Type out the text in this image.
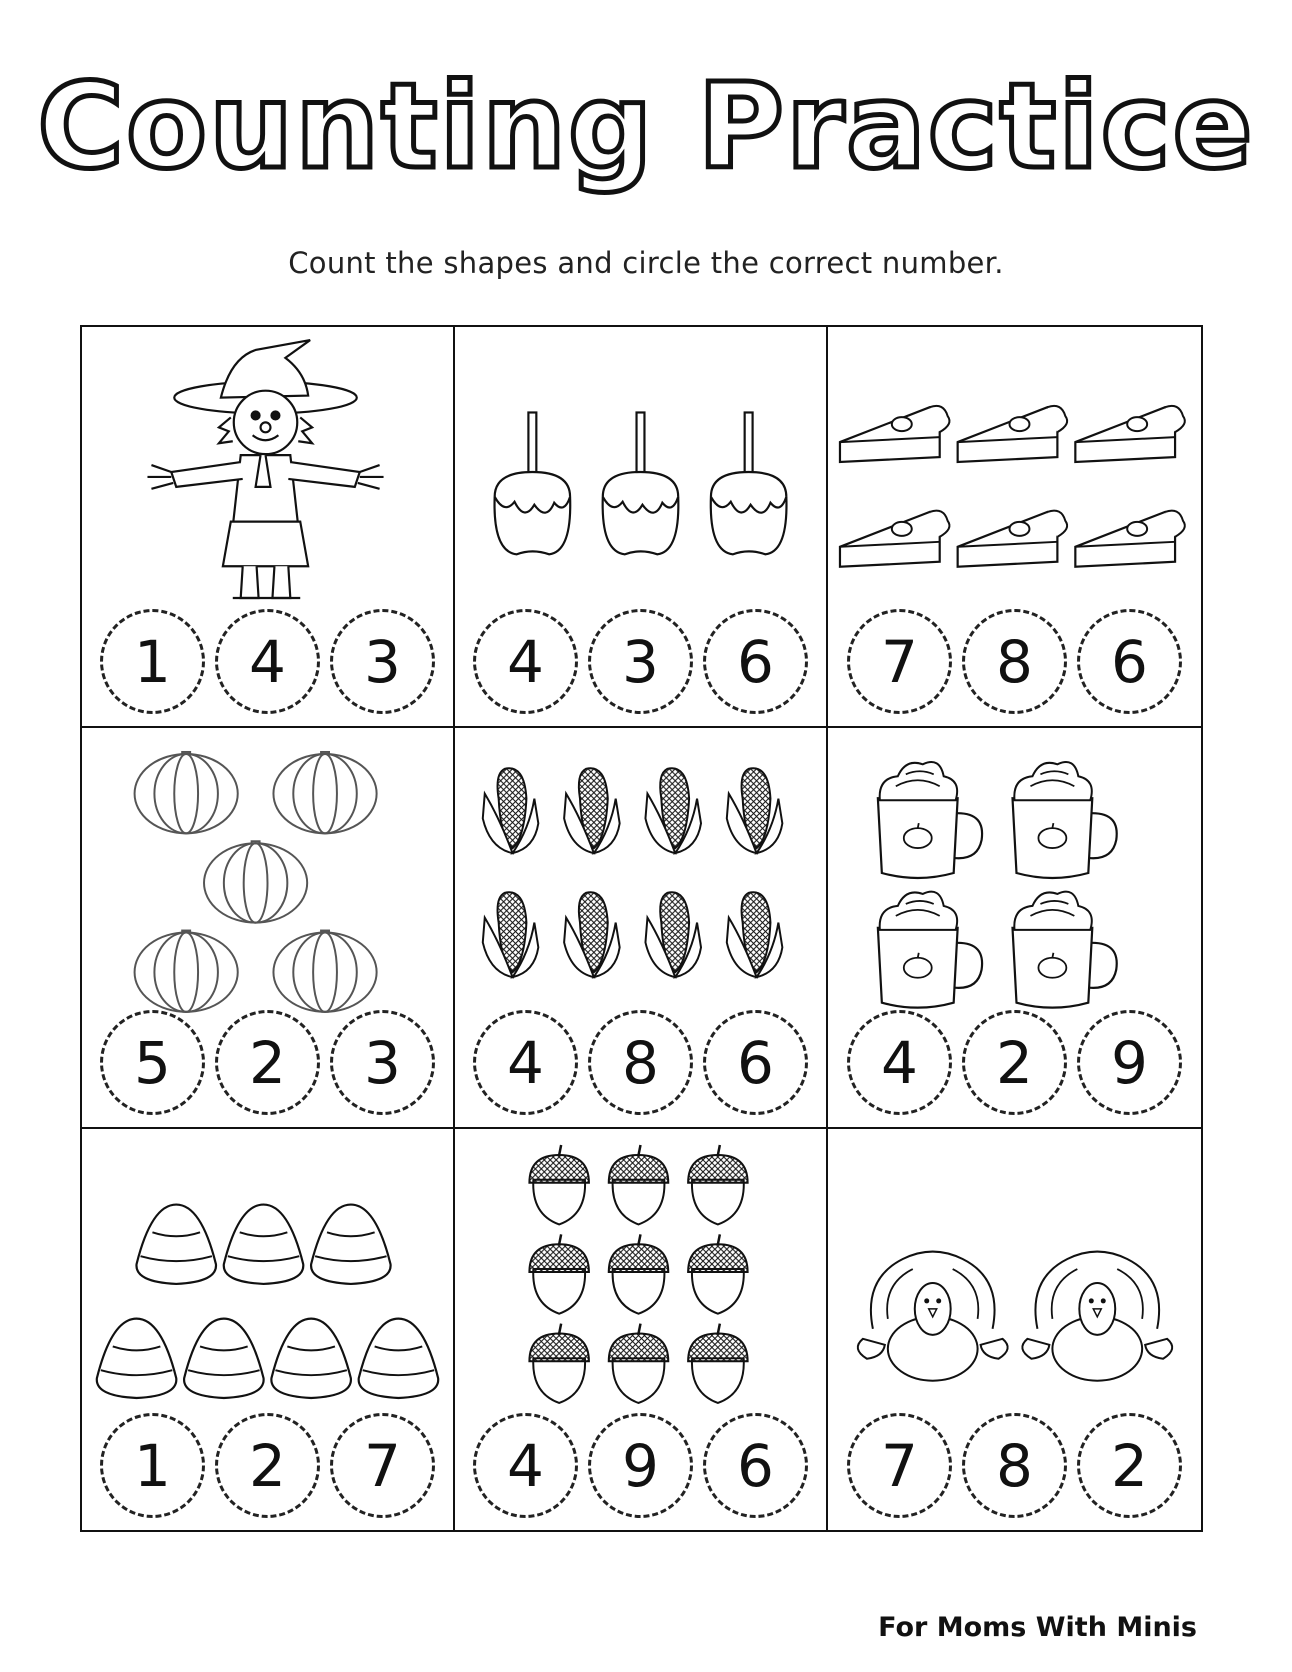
Counting Practice
Count the shapes and circle the correct number.
1	4	3	4	3	6	7	8	6
5	2	3	4	8	6	4	2	9
1	2	7	4	9	6	7	8	2
For Moms With Minis
